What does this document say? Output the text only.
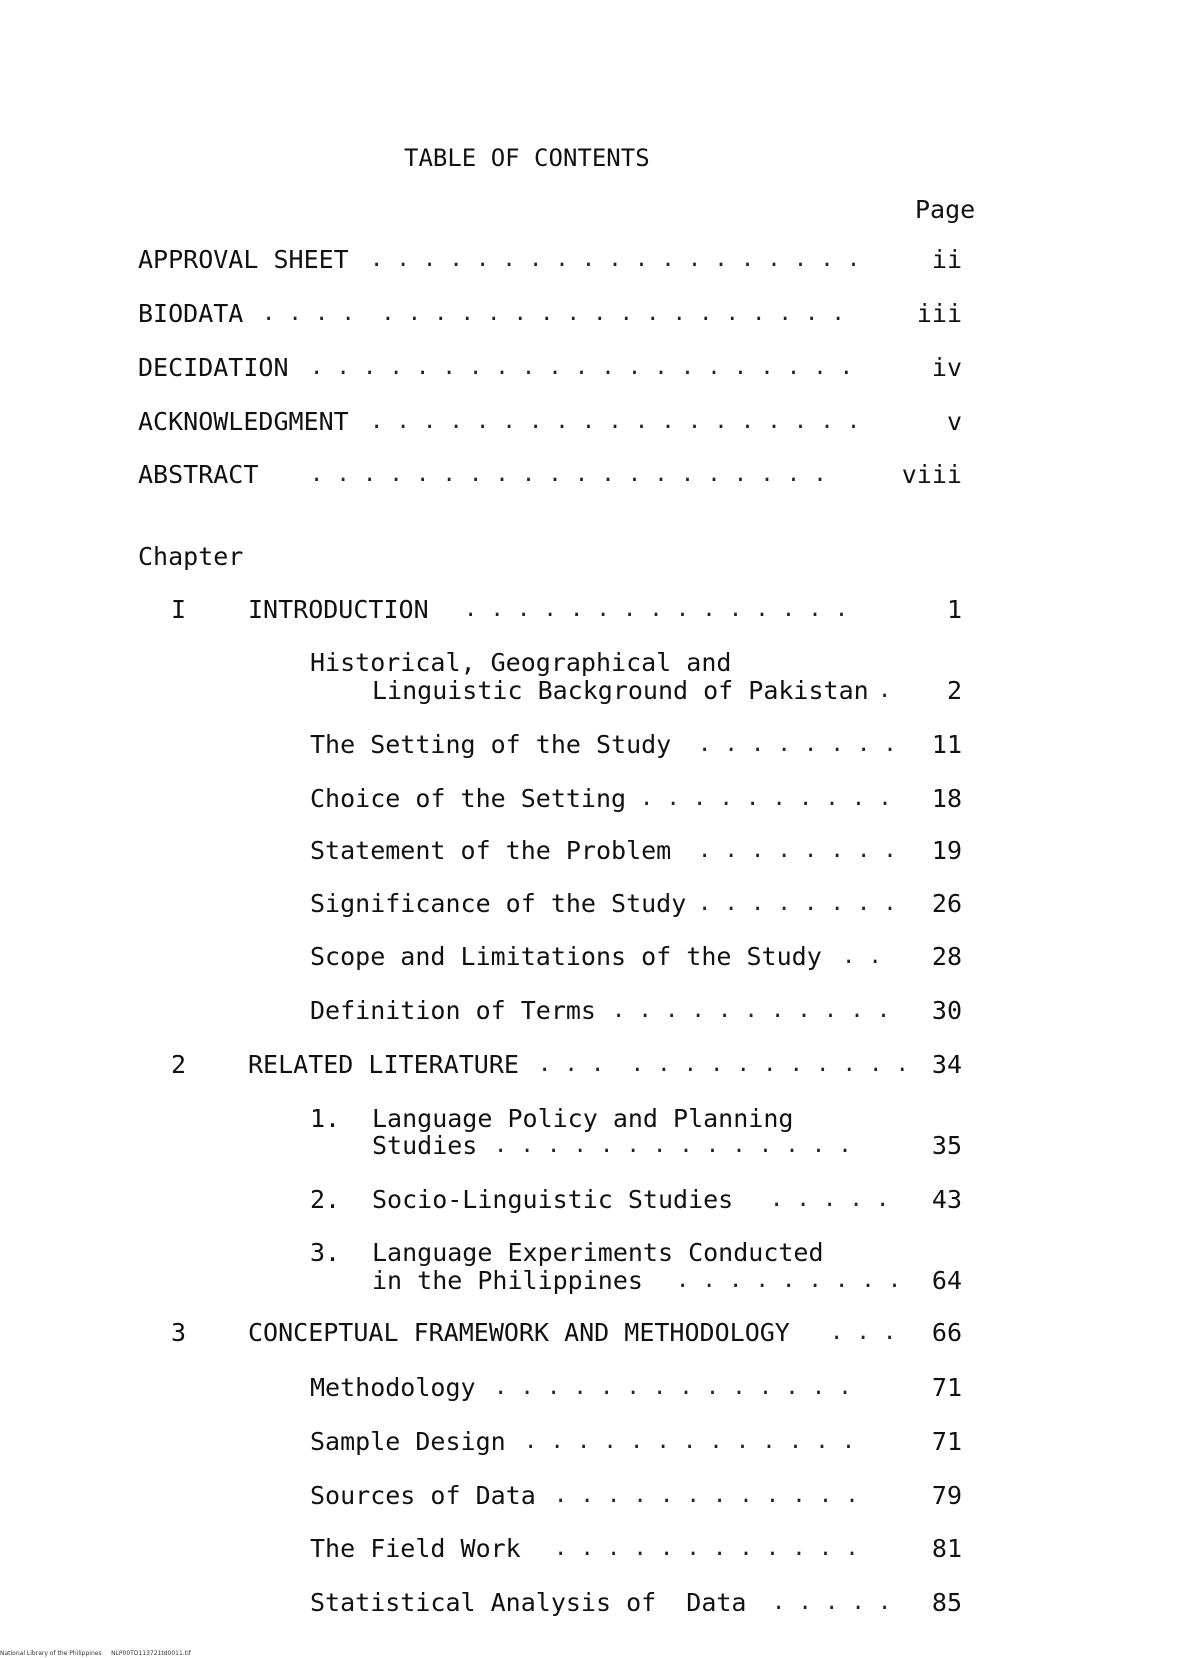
TABLE OF CONTENTS
Page
APPROVAL SHEET . . . . . . . . . . . . . . . . . . .	ii
BIODATA . . . .  . . . . . . . . . . . . . . . . . .	iii
DECIDATION . . . . . . . . . . . . . . . . . . . . .	iv
ACKNOWLEDGMENT . . . . . . . . . . . . . . . . . . .	v
ABSTRACT . . . . . . . . . . . . . . . . . . . .	viii
Chapter
I INTRODUCTION . . . . . . . . . . . . . . .	1
Historical, Geographical and
Linguistic Background of Pakistan .	2
The Setting of the Study . . . . . . . .	11
Choice of the Setting . . . . . . . . . .	18
Statement of the Problem . . . . . . . .	19
Significance of the Study . . . . . . . .	26
Scope and Limitations of the Study . .	28
Definition of Terms . . . . . . . . . . .	30
2 RELATED LITERATURE . . .  . . . . . . . . . . . 34
1. Language Policy and Planning
Studies . . . . . . . . . . . . . .	35
2. Socio-Linguistic Studies . . . . .	43
3. Language Experiments Conducted
in the Philippines . . . . . . . . .	64
3 CONCEPTUAL FRAMEWORK AND METHODOLOGY . . .	66
Methodology . . . . . . . . . . . . . .	71
Sample Design . . . . . . . . . . . . .	71
Sources of Data . . . . . . . . . . . .	79
The Field Work . . . . . . . . . . . .	81
Statistical Analysis of  Data . . . . .	85
National Library of the Philippines     NLP00TD113721td0011.tif
